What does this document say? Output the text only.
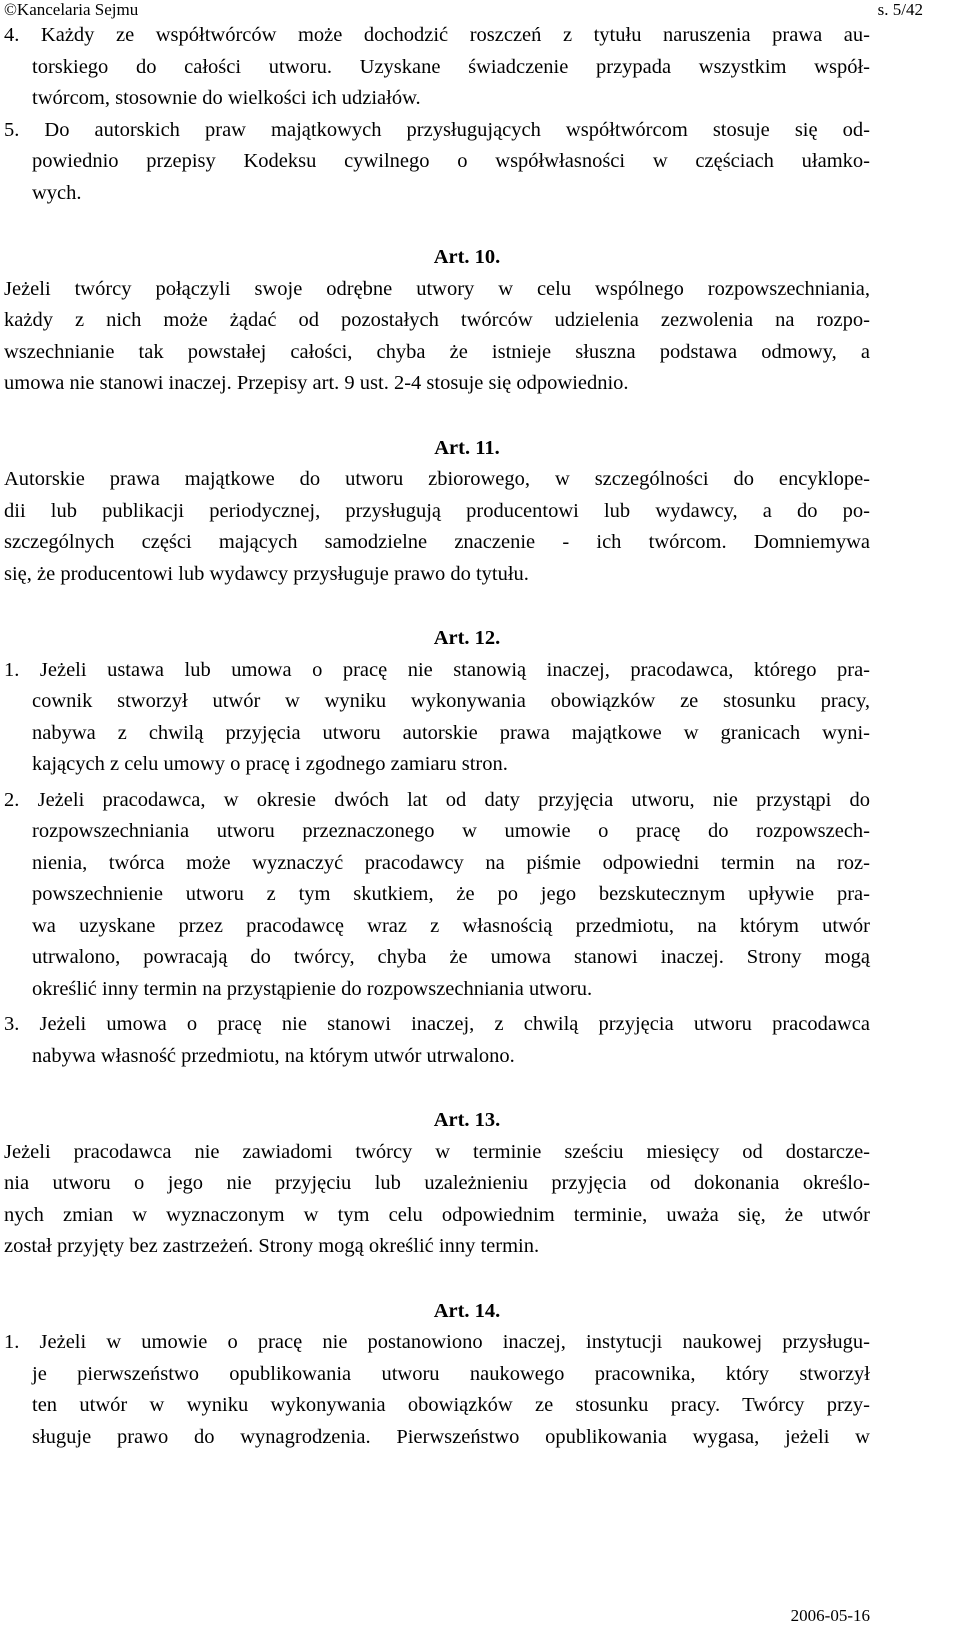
©Kancelaria Sejmu	s. 5/42
4. Każdy ze współtwórców może dochodzić roszczeń z tytułu naruszenia prawa au-
torskiego do całości utworu. Uzyskane świadczenie przypada wszystkim współ-
twórcom, stosownie do wielkości ich udziałów.
5. Do autorskich praw majątkowych przysługujących współtwórcom stosuje się od-
powiednio przepisy Kodeksu cywilnego o współwłasności w częściach ułamko-
wych.
Art. 10.
Jeżeli twórcy połączyli swoje odrębne utwory w celu wspólnego rozpowszechniania,
każdy z nich może żądać od pozostałych twórców udzielenia zezwolenia na rozpo-
wszechnianie tak powstałej całości, chyba że istnieje słuszna podstawa odmowy, a
umowa nie stanowi inaczej. Przepisy art. 9 ust. 2-4 stosuje się odpowiednio.
Art. 11.
Autorskie prawa majątkowe do utworu zbiorowego, w szczególności do encyklope-
dii lub publikacji periodycznej, przysługują producentowi lub wydawcy, a do po-
szczególnych części mających samodzielne znaczenie - ich twórcom. Domniemywa
się, że producentowi lub wydawcy przysługuje prawo do tytułu.
Art. 12.
1. Jeżeli ustawa lub umowa o pracę nie stanowią inaczej, pracodawca, którego pra-
cownik stworzył utwór w wyniku wykonywania obowiązków ze stosunku pracy,
nabywa z chwilą przyjęcia utworu autorskie prawa majątkowe w granicach wyni-
kających z celu umowy o pracę i zgodnego zamiaru stron.
2. Jeżeli pracodawca, w okresie dwóch lat od daty przyjęcia utworu, nie przystąpi do
rozpowszechniania utworu przeznaczonego w umowie o pracę do rozpowszech-
nienia, twórca może wyznaczyć pracodawcy na piśmie odpowiedni termin na roz-
powszechnienie utworu z tym skutkiem, że po jego bezskutecznym upływie pra-
wa uzyskane przez pracodawcę wraz z własnością przedmiotu, na którym utwór
utrwalono, powracają do twórcy, chyba że umowa stanowi inaczej. Strony mogą
określić inny termin na przystąpienie do rozpowszechniania utworu.
3. Jeżeli umowa o pracę nie stanowi inaczej, z chwilą przyjęcia utworu pracodawca
nabywa własność przedmiotu, na którym utwór utrwalono.
Art. 13.
Jeżeli pracodawca nie zawiadomi twórcy w terminie sześciu miesięcy od dostarcze-
nia utworu o jego nie przyjęciu lub uzależnieniu przyjęcia od dokonania określo-
nych zmian w wyznaczonym w tym celu odpowiednim terminie, uważa się, że utwór
został przyjęty bez zastrzeżeń. Strony mogą określić inny termin.
Art. 14.
1. Jeżeli w umowie o pracę nie postanowiono inaczej, instytucji naukowej przysługu-
je pierwszeństwo opublikowania utworu naukowego pracownika, który stworzył
ten utwór w wyniku wykonywania obowiązków ze stosunku pracy. Twórcy przy-
sługuje prawo do wynagrodzenia. Pierwszeństwo opublikowania wygasa, jeżeli w
2006-05-16
